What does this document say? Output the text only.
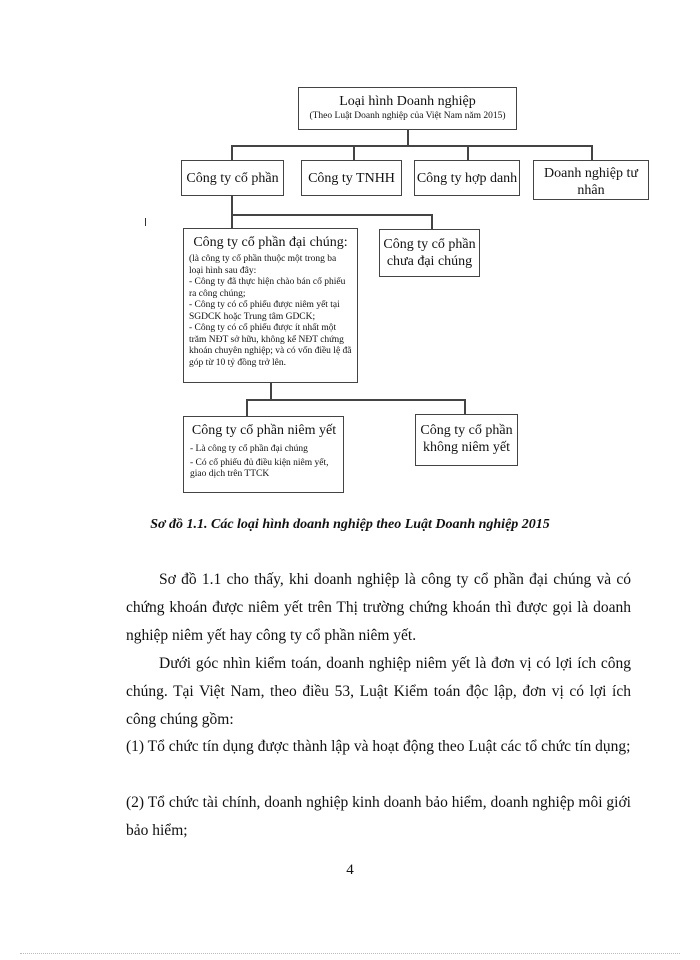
Loại hình Doanh nghiệp
(Theo Luật Doanh nghiệp của Việt Nam năm 2015)
Công ty cổ phần	Công ty TNHH	Công ty hợp danh	Doanh nghiệp tư nhân
Công ty cổ phần đại chúng:

(là công ty cổ phần thuộc một trong ba loại hình sau đây:

- Công ty đã thực hiện chào bán cổ phiếu ra công chúng;

- Công ty có cổ phiếu được niêm yết tại SGDCK hoặc Trung tâm GDCK;

- Công ty có cổ phiếu được ít nhất một trăm NĐT sở hữu, không kể NĐT chứng khoán chuyên nghiệp; và có vốn điều lệ đã góp từ 10 tỷ đồng trở lên.

Công ty cổ phần chưa đại chúng
Công ty cổ phần niêm yết

- Là công ty cổ phần đại chúng

- Có cổ phiếu đủ điều kiện niêm yết, giao dịch trên TTCK

Công ty cổ phần không niêm yết
Sơ đồ 1.1. Các loại hình doanh nghiệp theo Luật Doanh nghiệp 2015
Sơ đồ 1.1 cho thấy, khi doanh nghiệp là công ty cổ phần đại chúng và có chứng khoán được niêm yết trên Thị trường chứng khoán thì được gọi là doanh nghiệp niêm yết hay công ty cổ phần niêm yết.
Dưới góc nhìn kiểm toán, doanh nghiệp niêm yết là đơn vị có lợi ích công chúng. Tại Việt Nam, theo điều 53, Luật Kiểm toán độc lập, đơn vị có lợi ích công chúng gồm:
(1) Tổ chức tín dụng được thành lập và hoạt động theo Luật các tổ chức tín dụng;
(2) Tổ chức tài chính, doanh nghiệp kinh doanh bảo hiểm, doanh nghiệp môi giới bảo hiểm;
4
